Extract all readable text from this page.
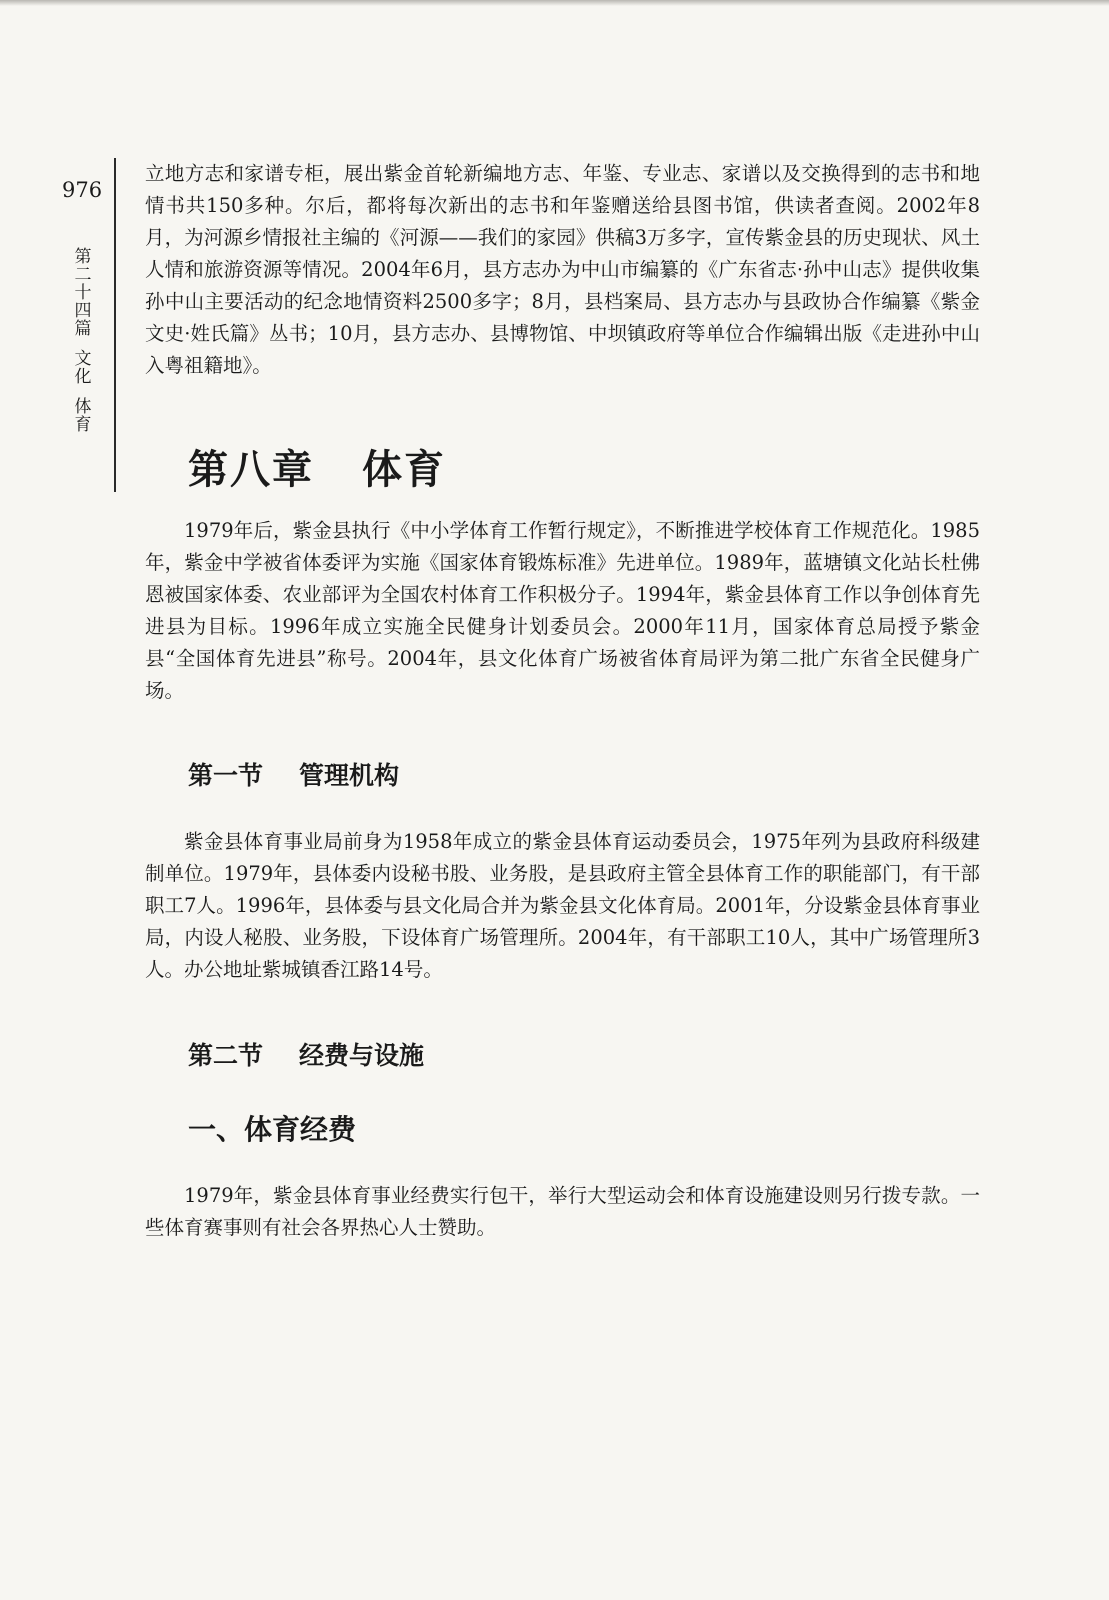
976
第二十四篇
文化
体育

立地方志和家谱专柜，展出紫金首轮新编地方志、年鉴、专业志、家谱以及交换得到的志书和地情书共150多种。尔后，都将每次新出的志书和年鉴赠送给县图书馆，供读者查阅。2002年8月，为河源乡情报社主编的《河源——我们的家园》供稿3万多字，宣传紫金县的历史现状、风土人情和旅游资源等情况。2004年6月，县方志办为中山市编纂的《广东省志·孙中山志》提供收集孙中山主要活动的纪念地情资料2500多字；8月，县档案局、县方志办与县政协合作编纂《紫金文史·姓氏篇》丛书；10月，县方志办、县博物馆、中坝镇政府等单位合作编辑出版《走进孙中山入粤祖籍地》。

第八章 体育

1979年后，紫金县执行《中小学体育工作暂行规定》，不断推进学校体育工作规范化。1985年，紫金中学被省体委评为实施《国家体育锻炼标准》先进单位。1989年，蓝塘镇文化站长杜佛恩被国家体委、农业部评为全国农村体育工作积极分子。1994年，紫金县体育工作以争创体育先进县为目标。1996年成立实施全民健身计划委员会。2000年11月，国家体育总局授予紫金县“全国体育先进县”称号。2004年，县文化体育广场被省体育局评为第二批广东省全民健身广场。

第一节 管理机构

紫金县体育事业局前身为1958年成立的紫金县体育运动委员会，1975年列为县政府科级建制单位。1979年，县体委内设秘书股、业务股，是县政府主管全县体育工作的职能部门，有干部职工7人。1996年，县体委与县文化局合并为紫金县文化体育局。2001年，分设紫金县体育事业局，内设人秘股、业务股，下设体育广场管理所。2004年，有干部职工10人，其中广场管理所3人。办公地址紫城镇香江路14号。

第二节 经费与设施
一、体育经费

1979年，紫金县体育事业经费实行包干，举行大型运动会和体育设施建设则另行拨专款。一些体育赛事则有社会各界热心人士赞助。
